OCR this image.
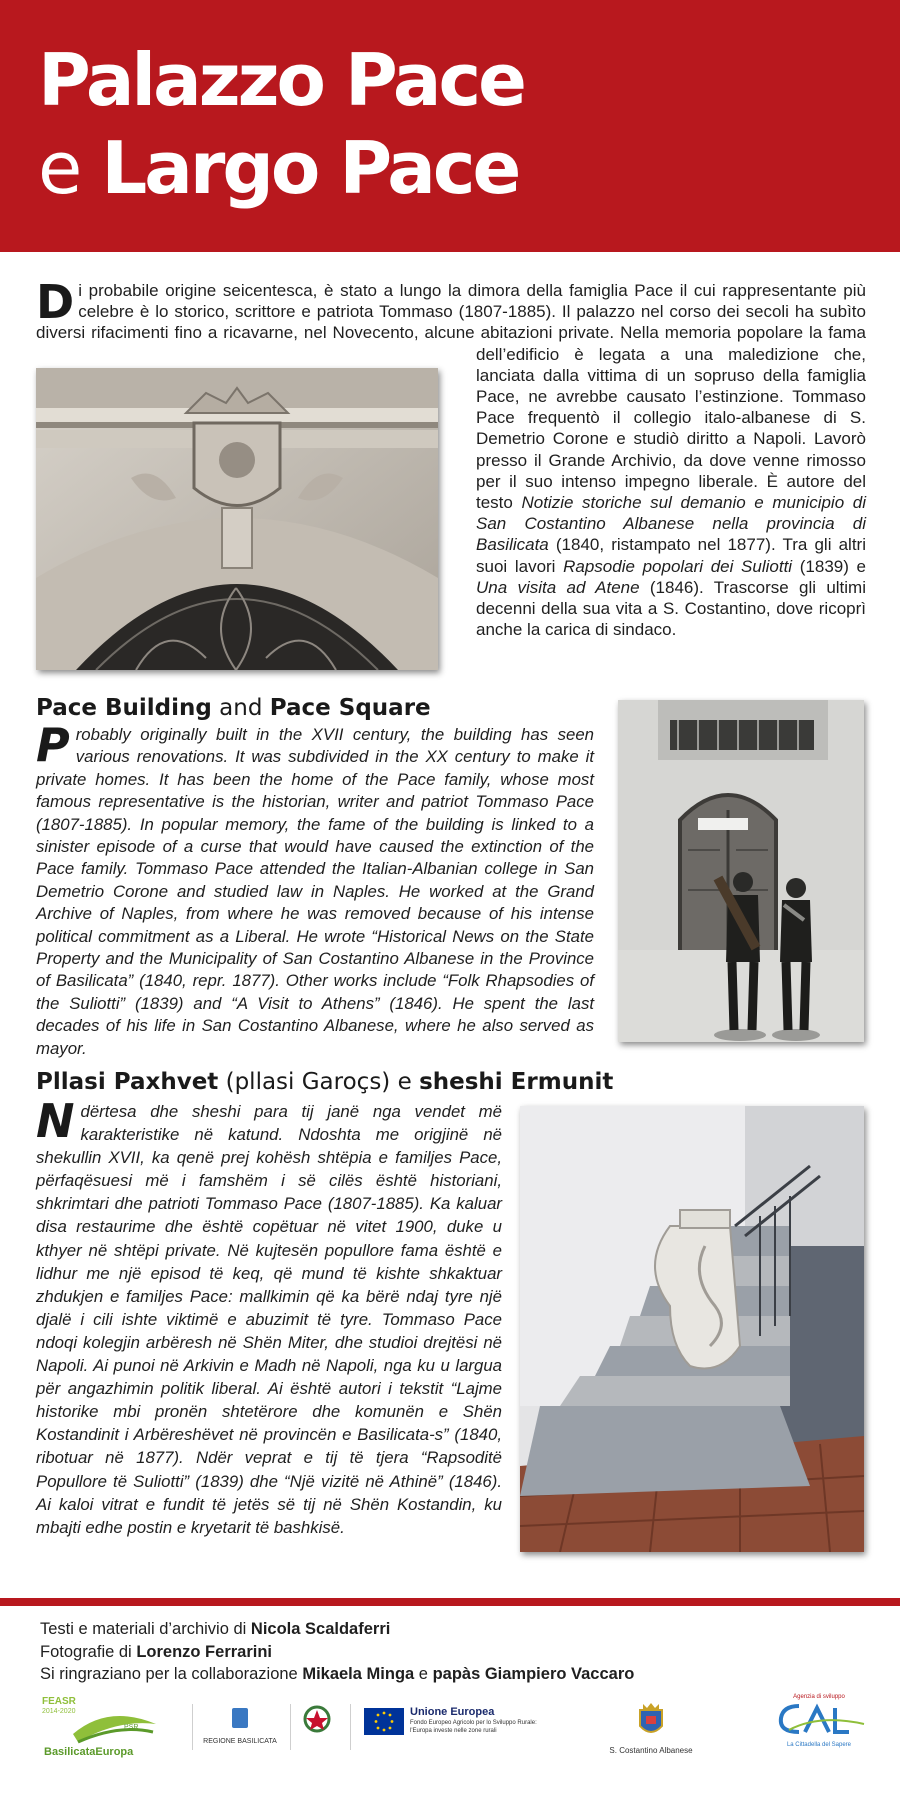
Palazzo Pace
e Largo Pace
Di probabile origine seicentesca, è stato a lungo la dimora della famiglia Pace il cui rappresentante più celebre è lo storico, scrittore e patriota Tommaso (1807-1885). Il palazzo nel corso dei secoli ha subìto diversi rifacimenti fino a ricavarne, nel Novecento, alcune abitazioni private. Nella memoria popolare la fama dell’edificio è legata a una maledizione che, lanciata dalla vittima di un sopruso della famiglia Pace, ne avrebbe causato l’estinzione. Tommaso Pace frequentò il collegio italo-albanese di S. Demetrio Corone e studiò diritto a Napoli. Lavorò presso il Grande Archivio, da dove venne rimosso per il suo intenso impegno liberale. È autore del testo Notizie storiche sul demanio e municipio di San Costantino Albanese nella provincia di Basilicata (1840, ristampato nel 1877). Tra gli altri suoi lavori Rapsodie popolari dei Suliotti (1839) e Una visita ad Atene (1846). Trascorse gli ultimi decenni della sua vita a S. Costantino, dove ricoprì anche la carica di sindaco.
Pace Building and Pace Square
Probably originally built in the XVII century, the building has seen various renovations. It was subdivided in the XX century to make it private homes. It has been the home of the Pace family, whose most famous representative is the historian, writer and patriot Tommaso Pace (1807-1885). In popular memory, the fame of the building is linked to a sinister episode of a curse that would have caused the extinction of the Pace family. Tommaso Pace attended the Italian-Albanian college in San Demetrio Corone and studied law in Naples. He worked at the Grand Archive of Naples, from where he was removed because of his intense political commitment as a Liberal. He wrote “Historical News on the State Property and the Municipality of San Costantino Albanese in the Province of Basilicata” (1840, repr. 1877). Other works include “Folk Rhapsodies of the Suliotti” (1839) and “A Visit to Athens” (1846). He spent the last decades of his life in San Costantino Albanese, where he also served as mayor.
Pllasi Paxhvet (pllasi Garoçs) e sheshi Ermunit
Ndërtesa dhe sheshi para tij janë nga vendet më karakteristike në katund. Ndoshta me origjinë në shekullin XVII, ka qenë prej kohësh shtëpia e familjes Pace, përfaqësuesi më i famshëm i së cilës është historiani, shkrimtari dhe patrioti Tommaso Pace (1807-1885). Ka kaluar disa restaurime dhe është copëtuar në vitet 1900, duke u kthyer në shtëpi private. Në kujtesën popullore fama është e lidhur me një episod të keq, që mund të kishte shkaktuar zhdukjen e familjes Pace: mallkimin që ka bërë ndaj tyre një djalë i cili ishte viktimë e abuzimit të tyre. Tommaso Pace ndoqi kolegjin arbëresh në Shën Miter, dhe studioi drejtësi në Napoli. Ai punoi në Arkivin e Madh në Napoli, nga ku u largua për angazhimin politik liberal. Ai është autori i tekstit “Lajme historike mbi pronën shtetërore dhe komunën e Shën Kostandinit i Arbëreshëvet në provincën e Basilicata-s” (1840, ribotuar në 1877). Ndër veprat e tij të tjera “Rapsoditë Popullore të Suliotti” (1839) dhe “Një vizitë në Athinë” (1846). Ai kaloi vitrat e fundit të jetës së tij në Shën Kostandin, ku mbajti edhe postin e kryetarit të bashkisë.
Testi e materiali d’archivio di Nicola Scaldaferri
Fotografie di Lorenzo Ferrarini
Si ringraziano per la collaborazione Mikaela Minga e papàs Giampiero Vaccaro
FEASR
2014-2020
PSR
BasilicataEuropa
REGIONE BASILICATA
Unione Europea
Fondo Europeo Agricolo per lo Sviluppo Rurale:
l'Europa investe nelle zone rurali
S. Costantino Albanese
Agenzia di sviluppo
La Cittadella del Sapere
